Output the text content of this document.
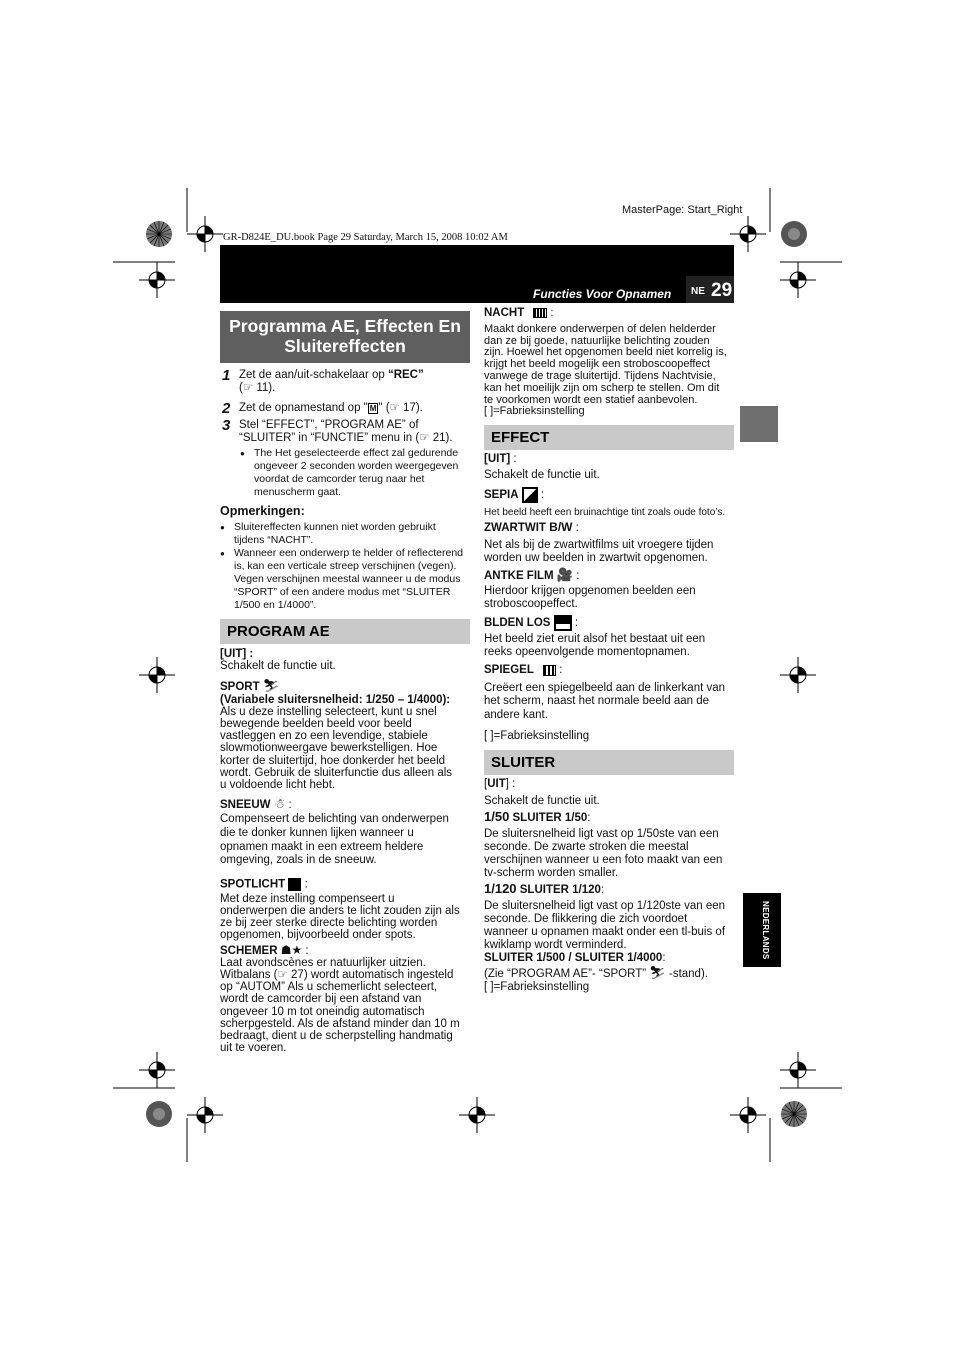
MasterPage: Start_Right
GR-D824E_DU.book Page 29 Saturday, March 15, 2008 10:02 AM
Functies Voor Opnamen NE 29
NEDERLANDS
Programma AE, Effecten En
Sluitereffecten
1 Zet de aan/uit-schakelaar op “REC”
(☞ 11).
2 Zet de opnamestand op " M " (☞ 17).
3 Stel “EFFECT”, “PROGRAM AE” of
“SLUITER” in “FUNCTIE” menu in (☞ 21).
● The Het geselecteerde effect zal gedurende
ongeveer 2 seconden worden weergegeven
voordat de camcorder terug naar het
menuscherm gaat.
Opmerkingen:
● Sluitereffecten kunnen niet worden gebruikt
tijdens “NACHT”.
● Wanneer een onderwerp te helder of reflecterend
is, kan een verticale streep verschijnen (vegen).
Vegen verschijnen meestal wanneer u de modus
“SPORT” of een andere modus met “SLUITER
1/500 en 1/4000”.
PROGRAM AE
[UIT] :
Schakelt de functie uit.
SPORT ⛷
(Variabele sluitersnelheid: 1/250 – 1/4000):
Als u deze instelling selecteert, kunt u snel
bewegende beelden beeld voor beeld
vastleggen en zo een levendige, stabiele
slowmotionweergave bewerkstelligen. Hoe
korter de sluitertijd, hoe donkerder het beeld
wordt. Gebruik de sluiterfunctie dus alleen als
u voldoende licht hebt.
SNEEUW ☃ :
Compenseert de belichting van onderwerpen
die te donker kunnen lijken wanneer u
opnamen maakt in een extreem heldere
omgeving, zoals in de sneeuw.
SPOTLICHT  :
Met deze instelling compenseert u
onderwerpen die anders te licht zouden zijn als
ze bij zeer sterke directe belichting worden
opgenomen, bijvoorbeeld onder spots.
SCHEMER ☗★ :
Laat avondscènes er natuurlijker uitzien.
Witbalans (☞ 27) wordt automatisch ingesteld
op “AUTOM” Als u schemerlicht selecteert,
wordt de camcorder bij een afstand van
ongeveer 10 m tot oneindig automatisch
scherpgesteld. Als de afstand minder dan 10 m
bedraagt, dient u de scherpstelling handmatig
uit te voeren.
NACHT  :
Maakt donkere onderwerpen of delen helderder
dan ze bij goede, natuurlijke belichting zouden
zijn. Hoewel het opgenomen beeld niet korrelig is,
krijgt het beeld mogelijk een stroboscoopeffect
vanwege de trage sluitertijd. Tijdens Nachtvisie,
kan het moeilijk zijn om scherp te stellen. Om dit
te voorkomen wordt een statief aanbevolen.
[ ]=Fabrieksinstelling
EFFECT
[UIT] :
Schakelt de functie uit.
SEPIA  :
Het beeld heeft een bruinachtige tint zoals oude foto’s.
ZWARTWIT B/W :
Net als bij de zwartwitfilms uit vroegere tijden
worden uw beelden in zwartwit opgenomen.
ANTKE FILM 🎥 :
Hierdoor krijgen opgenomen beelden een
stroboscoopeffect.
BLDEN LOS  :
Het beeld ziet eruit alsof het bestaat uit een
reeks opeenvolgende momentopnamen.
SPIEGEL  :
Creëert een spiegelbeeld aan de linkerkant van
het scherm, naast het normale beeld aan de
andere kant.
[ ]=Fabrieksinstelling
SLUITER
[UIT] :
Schakelt de functie uit.
1/50 SLUITER 1/50:
De sluitersnelheid ligt vast op 1/50ste van een
seconde. De zwarte stroken die meestal
verschijnen wanneer u een foto maakt van een
tv-scherm worden smaller.
1/120 SLUITER 1/120:
De sluitersnelheid ligt vast op 1/120ste van een
seconde. De flikkering die zich voordoet
wanneer u opnamen maakt onder een tl-buis of
kwiklamp wordt verminderd.
SLUITER 1/500 / SLUITER 1/4000:
(Zie “PROGRAM AE”- “SPORT” ⛷ -stand).
[ ]=Fabrieksinstelling
